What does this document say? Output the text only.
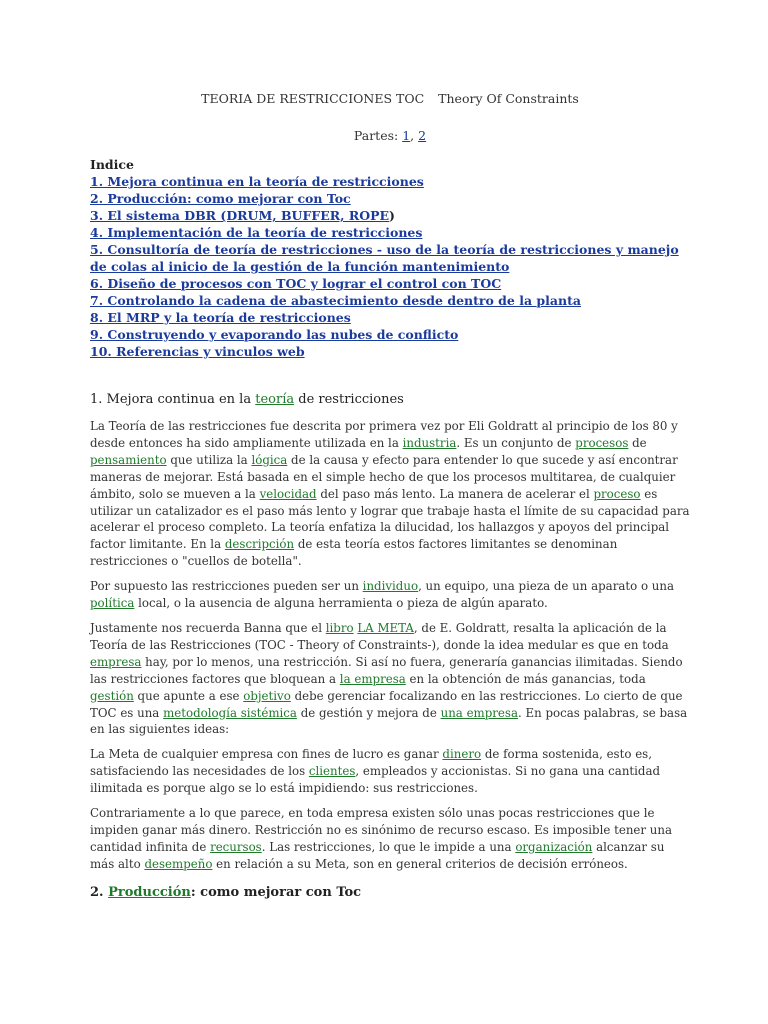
TEORIA DE RESTRICCIONES TOC Theory Of Constraints
Partes: 1, 2
Indice
1. Mejora continua en la teoría de restricciones
2. Producción: como mejorar con Toc
3. El sistema DBR (DRUM, BUFFER, ROPE)
4. Implementación de la teoría de restricciones
5. Consultoría de teoría de restricciones - uso de la teoría de restricciones y manejo de colas al inicio de la gestión de la función mantenimiento
6. Diseño de procesos con TOC y lograr el control con TOC
7. Controlando la cadena de abastecimiento desde dentro de la planta
8. El MRP y la teoría de restricciones
9. Construyendo y evaporando las nubes de conflicto
10. Referencias y vinculos web
1. Mejora continua en la teoría de restricciones

La Teoría de las restricciones fue descrita por primera vez por Eli Goldratt al principio de los 80 y desde entonces ha sido ampliamente utilizada en la industria. Es un conjunto de procesos de pensamiento que utiliza la lógica de la causa y efecto para entender lo que sucede y así encontrar maneras de mejorar. Está basada en el simple hecho de que los procesos multitarea, de cualquier ámbito, solo se mueven a la velocidad del paso más lento. La manera de acelerar el proceso es utilizar un catalizador es el paso más lento y lograr que trabaje hasta el límite de su capacidad para acelerar el proceso completo. La teoría enfatiza la dilucidad, los hallazgos y apoyos del principal factor limitante. En la descripción de esta teoría estos factores limitantes se denominan restricciones o "cuellos de botella".

Por supuesto las restricciones pueden ser un individuo, un equipo, una pieza de un aparato o una política local, o la ausencia de alguna herramienta o pieza de algún aparato.

Justamente nos recuerda Banna que el libro LA META, de E. Goldratt, resalta la aplicación de la Teoría de las Restricciones (TOC - Theory of Constraints-), donde la idea medular es que en toda empresa hay, por lo menos, una restricción. Si así no fuera, generaría ganancias ilimitadas. Siendo las restricciones factores que bloquean a la empresa en la obtención de más ganancias, toda gestión que apunte a ese objetivo debe gerenciar focalizando en las restricciones. Lo cierto de que TOC es una metodología sistémica de gestión y mejora de una empresa. En pocas palabras, se basa en las siguientes ideas:

La Meta de cualquier empresa con fines de lucro es ganar dinero de forma sostenida, esto es, satisfaciendo las necesidades de los clientes, empleados y accionistas. Si no gana una cantidad ilimitada es porque algo se lo está impidiendo: sus restricciones.

Contrariamente a lo que parece, en toda empresa existen sólo unas pocas restricciones que le impiden ganar más dinero. Restricción no es sinónimo de recurso escaso. Es imposible tener una cantidad infinita de recursos. Las restricciones, lo que le impide a una organización alcanzar su más alto desempeño en relación a su Meta, son en general criterios de decisión erróneos.

2. Producción: como mejorar con Toc
